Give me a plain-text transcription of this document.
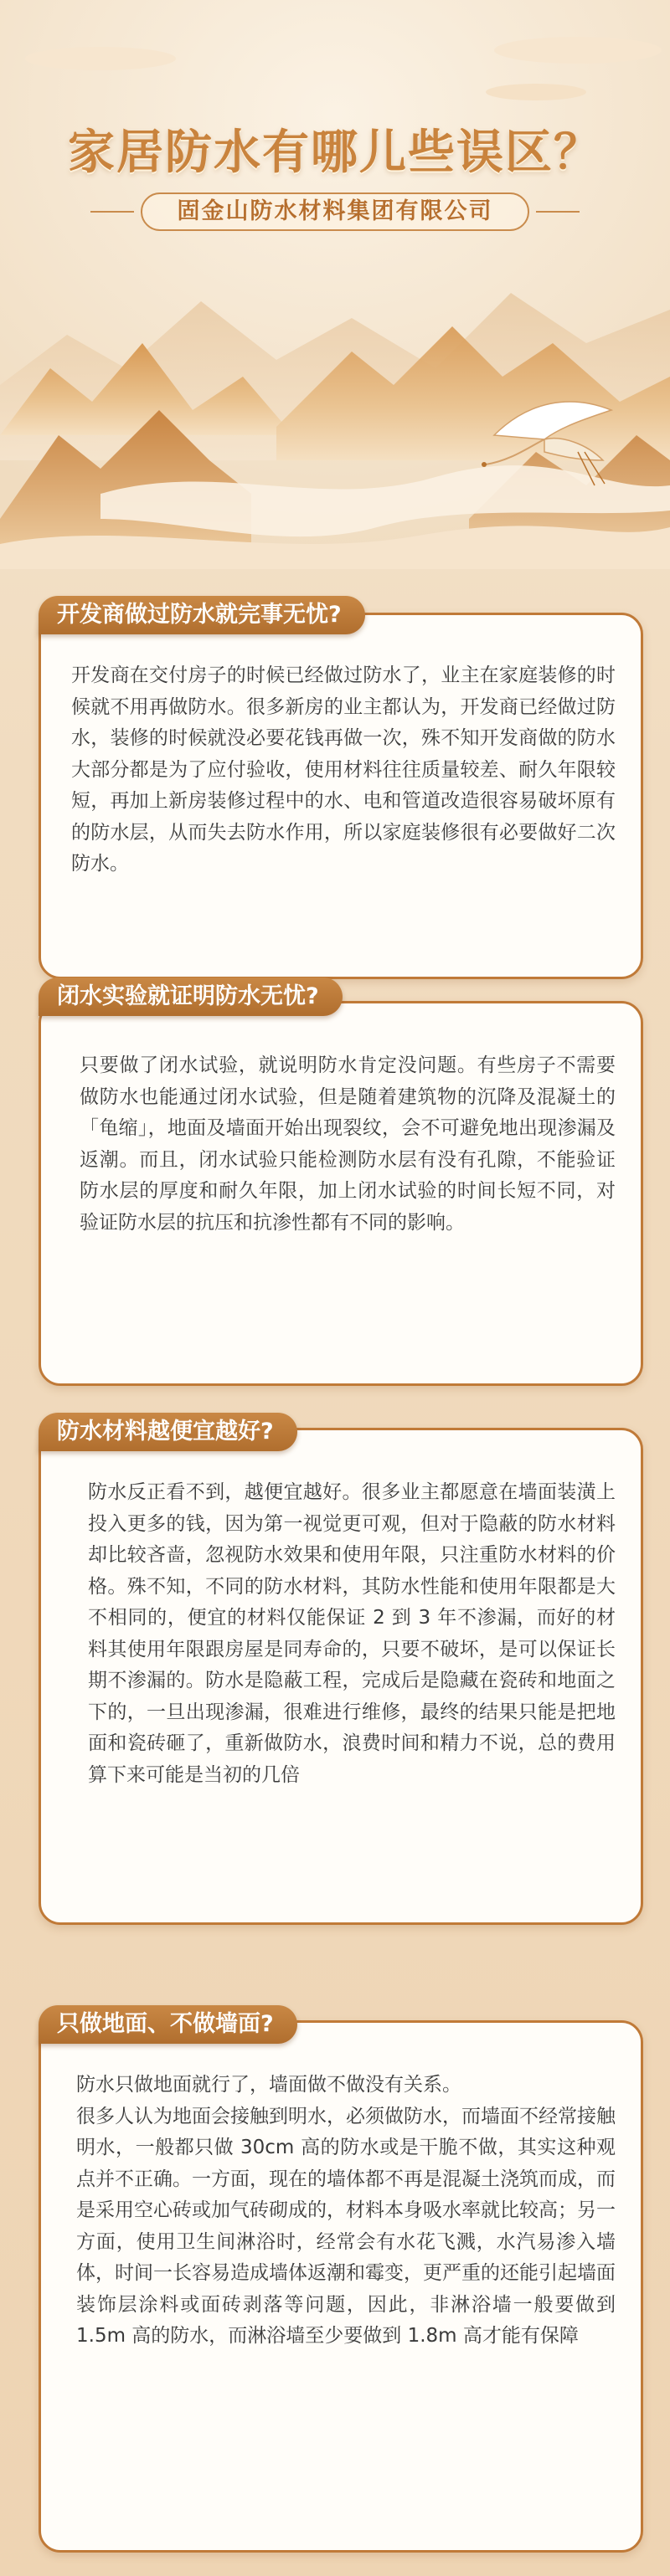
家居防水有哪儿些误区？
固金山防水材料集团有限公司
开发商在交付房子的时候已经做过防水了，业主在家庭装修的时候就不用再做防水。很多新房的业主都认为，开发商已经做过防水，装修的时候就没必要花钱再做一次，殊不知开发商做的防水大部分都是为了应付验收，使用材料往往质量较差、耐久年限较短，再加上新房装修过程中的水、电和管道改造很容易破坏原有的防水层，从而失去防水作用，所以家庭装修很有必要做好二次防水。
开发商做过防水就完事无忧?
只要做了闭水试验，就说明防水肯定没问题。有些房子不需要做防水也能通过闭水试验，但是随着建筑物的沉降及混凝土的「龟缩」，地面及墙面开始出现裂纹，会不可避免地出现渗漏及返潮。而且，闭水试验只能检测防水层有没有孔隙，不能验证防水层的厚度和耐久年限，加上闭水试验的时间长短不同，对验证防水层的抗压和抗渗性都有不同的影响。
闭水实验就证明防水无忧?
防水反正看不到，越便宜越好。很多业主都愿意在墙面装潢上投入更多的钱，因为第一视觉更可观，但对于隐蔽的防水材料却比较吝啬，忽视防水效果和使用年限，只注重防水材料的价格。殊不知，不同的防水材料，其防水性能和使用年限都是大不相同的，便宜的材料仅能保证 2 到 3 年不渗漏，而好的材料其使用年限跟房屋是同寿命的，只要不破坏，是可以保证长期不渗漏的。防水是隐蔽工程，完成后是隐藏在瓷砖和地面之下的，一旦出现渗漏，很难进行维修，最终的结果只能是把地面和瓷砖砸了，重新做防水，浪费时间和精力不说，总的费用算下来可能是当初的几倍
防水材料越便宜越好?
防水只做地面就行了，墙面做不做没有关系。
很多人认为地面会接触到明水，必须做防水，而墙面不经常接触明水，一般都只做 30cm 高的防水或是干脆不做，其实这种观点并不正确。一方面，现在的墙体都不再是混凝土浇筑而成，而是采用空心砖或加气砖砌成的，材料本身吸水率就比较高；另一方面，使用卫生间淋浴时，经常会有水花飞溅，水汽易渗入墙体，时间一长容易造成墙体返潮和霉变，更严重的还能引起墙面装饰层涂料或面砖剥落等问题，因此，非淋浴墙一般要做到 1.5m 高的防水，而淋浴墙至少要做到 1.8m 高才能有保障
只做地面、不做墙面?
